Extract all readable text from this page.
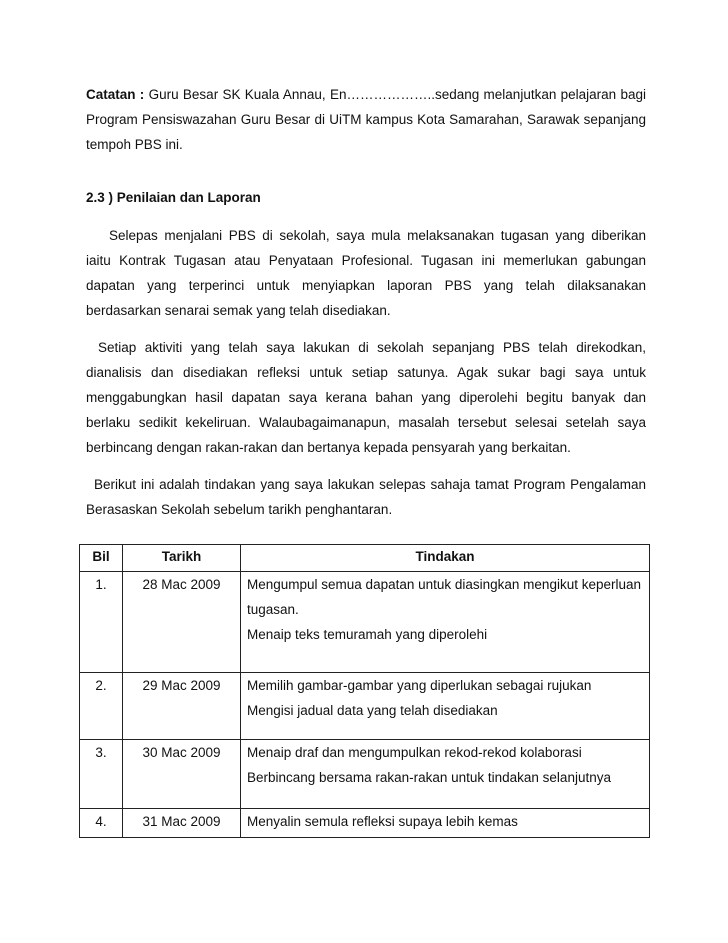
Catatan : Guru Besar SK Kuala Annau, En………………..sedang melanjutkan pelajaran bagi Program Pensiswazahan Guru Besar di UiTM kampus Kota Samarahan, Sarawak sepanjang tempoh PBS ini.

2.3 ) Penilaian dan Laporan

Selepas menjalani PBS di sekolah, saya mula melaksanakan tugasan yang diberikan iaitu Kontrak Tugasan atau Penyataan Profesional. Tugasan ini memerlukan gabungan dapatan yang terperinci untuk menyiapkan laporan PBS yang telah dilaksanakan berdasarkan senarai semak yang telah disediakan.

Setiap aktiviti yang telah saya lakukan di sekolah sepanjang PBS telah direkodkan, dianalisis dan disediakan refleksi untuk setiap satunya. Agak sukar bagi saya untuk menggabungkan hasil dapatan saya kerana bahan yang diperolehi begitu banyak dan berlaku sedikit kekeliruan. Walaubagaimanapun, masalah tersebut selesai setelah saya berbincang dengan rakan-rakan dan bertanya kepada pensyarah yang berkaitan.

Berikut ini adalah tindakan yang saya lakukan selepas sahaja tamat Program Pengalaman Berasaskan Sekolah sebelum tarikh penghantaran.

Bil	Tarikh	Tindakan
1.	28 Mac 2009	Mengumpul semua dapatan untuk diasingkan mengikut keperluan tugasan.
Menaip teks temuramah yang diperolehi

2.	29 Mac 2009	Memilih gambar-gambar yang diperlukan sebagai rujukan
Mengisi jadual data yang telah disediakan

3.	30 Mac 2009	Menaip draf dan mengumpulkan rekod-rekod kolaborasi
Berbincang bersama rakan-rakan untuk tindakan selanjutnya

4.	31 Mac 2009	Menyalin semula refleksi supaya lebih kemas
